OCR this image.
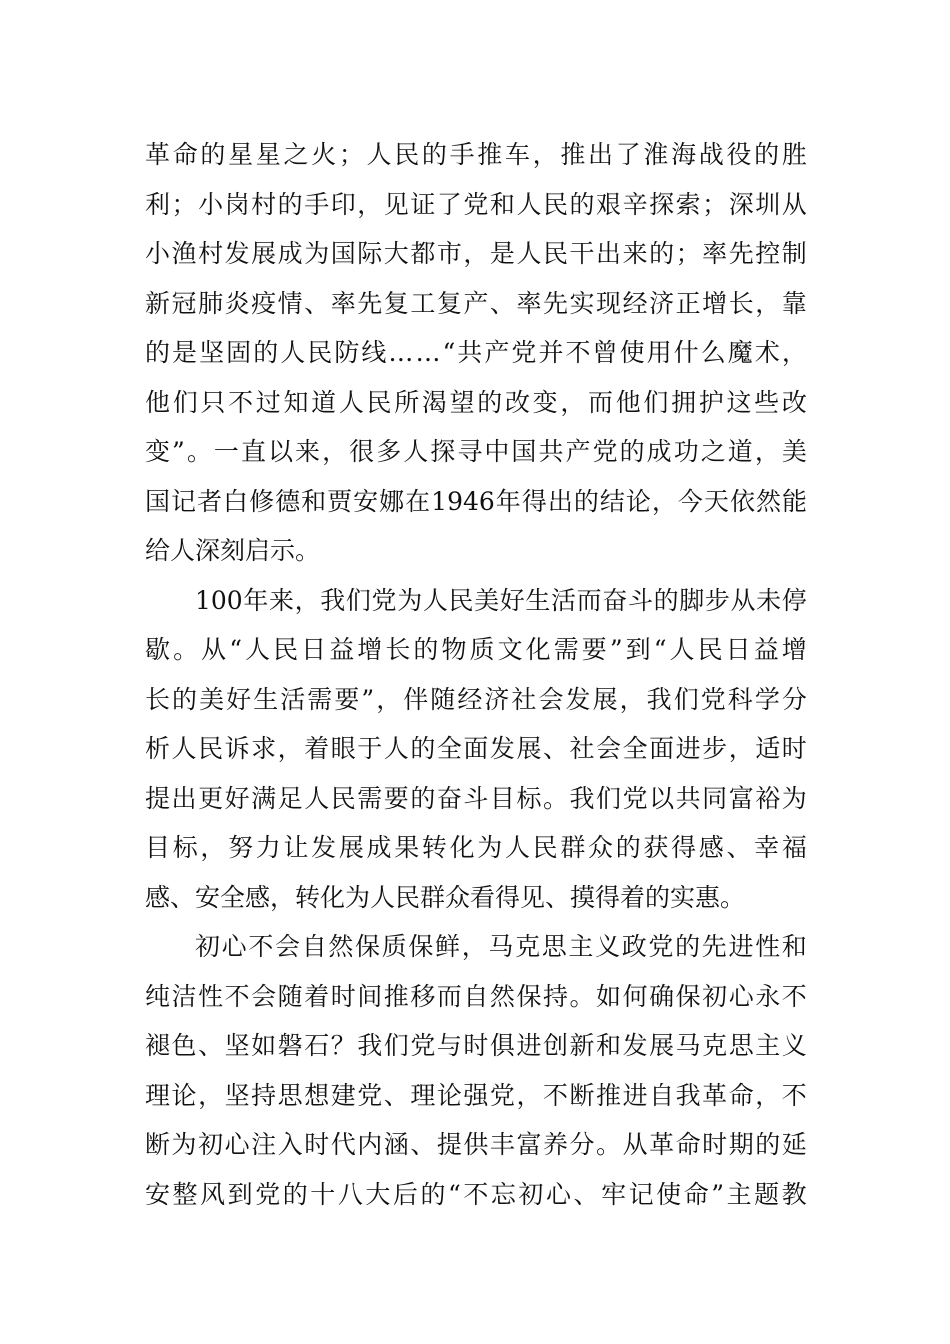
革 命 的 星 星 之 火 ； 人 民 的 手 推 车 ， 推 出 了 淮 海 战 役 的 胜
利 ； 小 岗 村 的 手 印 ， 见 证 了 党 和 人 民 的 艰 辛 探 索 ； 深 圳 从
小 渔 村 发 展 成 为 国 际 大 都 市 ， 是 人 民 干 出 来 的 ； 率 先 控 制
新 冠 肺 炎 疫 情 、 率 先 复 工 复 产 、 率 先 实 现 经 济 正 增 长 ， 靠
的 是 坚 固 的 人 民 防 线 … … “ 共 产 党 并 不 曾 使 用 什 么 魔 术 ，
他 们 只 不 过 知 道 人 民 所 渴 望 的 改 变 ， 而 他 们 拥 护 这 些 改
变 ” 。 一 直 以 来 ， 很 多 人 探 寻 中 国 共 产 党 的 成 功 之 道 ， 美
国 记 者 白 修 德 和 贾 安 娜 在 1946 年 得 出 的 结 论 ， 今 天 依 然 能
给人深刻启示。
100 年 来 ， 我 们 党 为 人 民 美 好 生 活 而 奋 斗 的 脚 步 从 未 停
歇 。 从 “ 人 民 日 益 增 长 的 物 质 文 化 需 要 ” 到 “ 人 民 日 益 增
长 的 美 好 生 活 需 要 ” ， 伴 随 经 济 社 会 发 展 ， 我 们 党 科 学 分
析 人 民 诉 求 ， 着 眼 于 人 的 全 面 发 展 、 社 会 全 面 进 步 ， 适 时
提 出 更 好 满 足 人 民 需 要 的 奋 斗 目 标 。 我 们 党 以 共 同 富 裕 为
目 标 ， 努 力 让 发 展 成 果 转 化 为 人 民 群 众 的 获 得 感 、 幸 福
感、安全感，转化为人民群众看得见、摸得着的实惠。
初 心 不 会 自 然 保 质 保 鲜 ， 马 克 思 主 义 政 党 的 先 进 性 和
纯 洁 性 不 会 随 着 时 间 推 移 而 自 然 保 持 。 如 何 确 保 初 心 永 不
褪 色 、 坚 如 磐 石 ？ 我 们 党 与 时 俱 进 创 新 和 发 展 马 克 思 主 义
理 论 ， 坚 持 思 想 建 党 、 理 论 强 党 ， 不 断 推 进 自 我 革 命 ， 不
断 为 初 心 注 入 时 代 内 涵 、 提 供 丰 富 养 分 。 从 革 命 时 期 的 延
安 整 风 到 党 的 十 八 大 后 的 “ 不 忘 初 心 、 牢 记 使 命 ” 主 题 教
